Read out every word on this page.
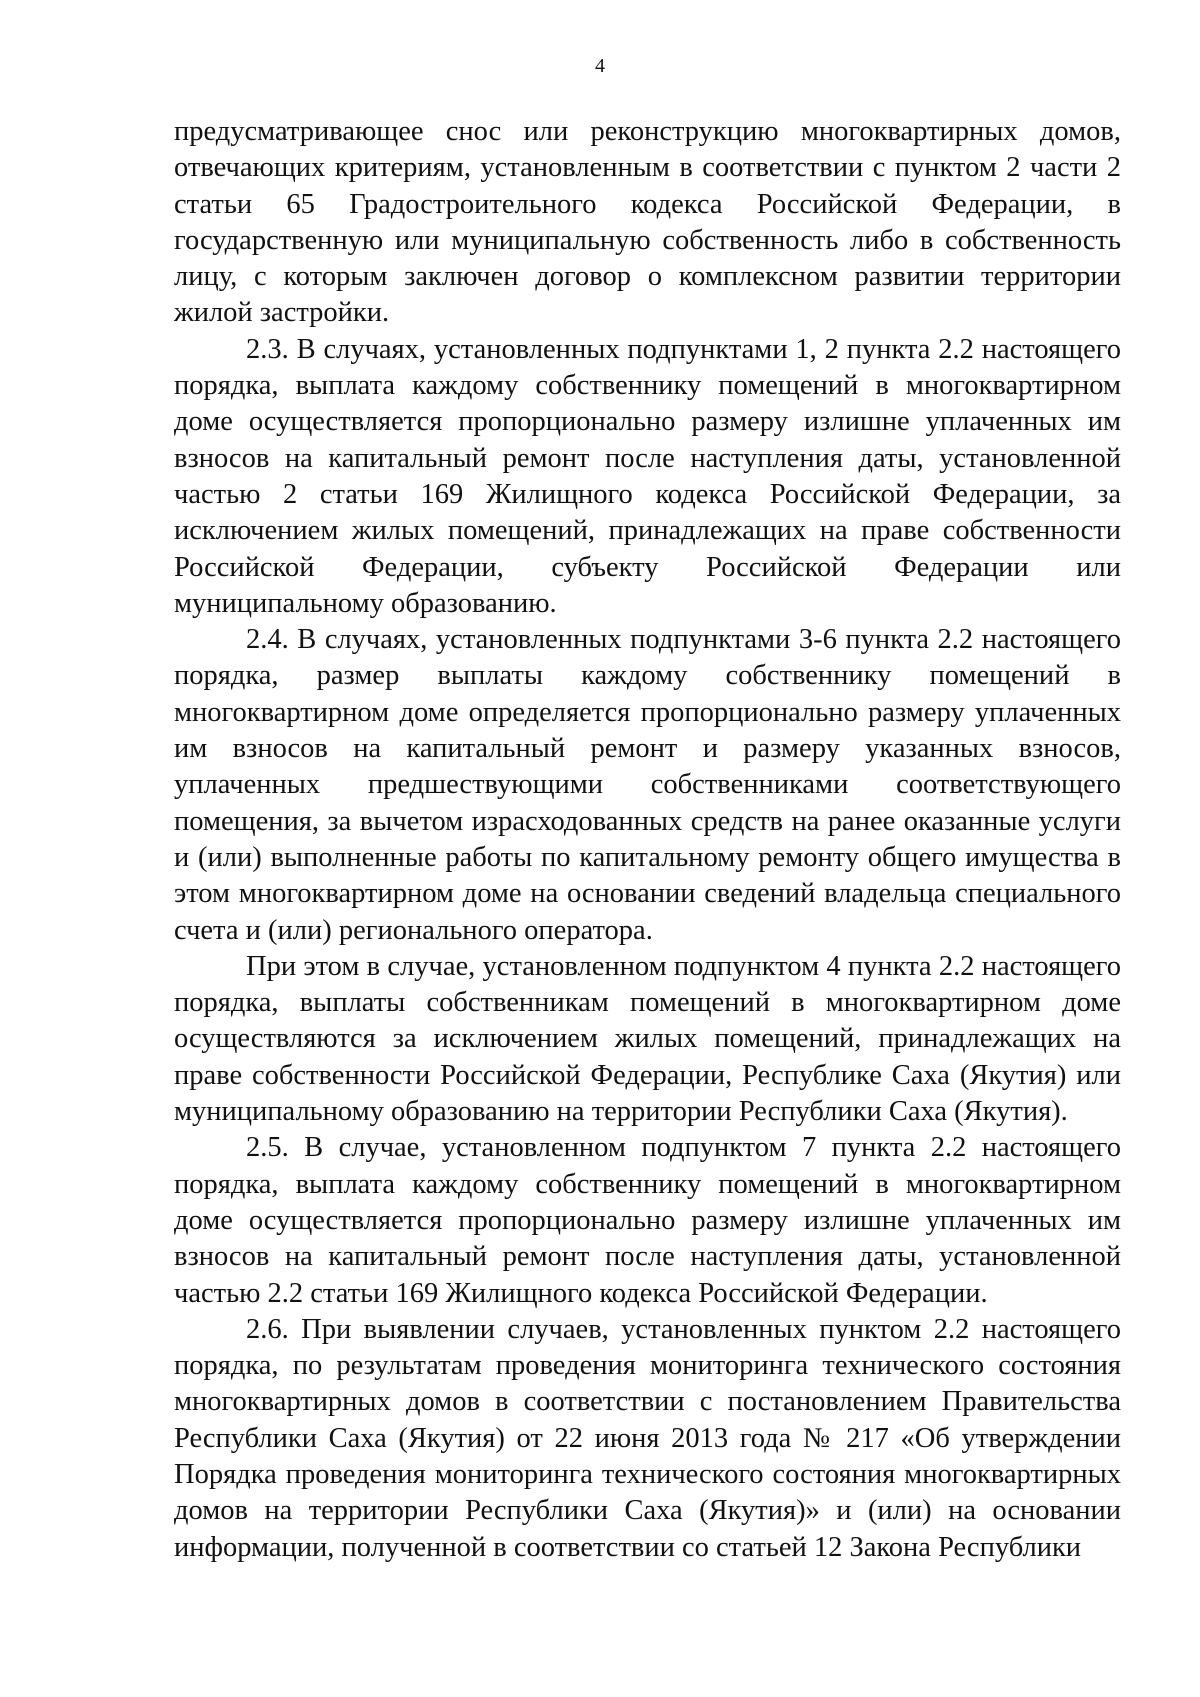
4

предусматривающее снос или реконструкцию многоквартирных домов, отвечающих критериям, установленным в соответствии с пунктом 2 части 2 статьи 65 Градостроительного кодекса Российской Федерации, в государственную или муниципальную собственность либо в собственность лицу, с которым заключен договор о комплексном развитии территории жилой застройки.

2.3. В случаях, установленных подпунктами 1, 2 пункта 2.2 настоящего порядка, выплата каждому собственнику помещений в многоквартирном доме осуществляется пропорционально размеру излишне уплаченных им взносов на капитальный ремонт после наступления даты, установленной частью 2 статьи 169 Жилищного кодекса Российской Федерации, за исключением жилых помещений, принадлежащих на праве собственности Российской Федерации, субъекту Российской Федерации или муниципальному образованию.

2.4. В случаях, установленных подпунктами 3-6 пункта 2.2 настоящего порядка, размер выплаты каждому собственнику помещений в многоквартирном доме определяется пропорционально размеру уплаченных им взносов на капитальный ремонт и размеру указанных взносов, уплаченных предшествующими собственниками соответствующего помещения, за вычетом израсходованных средств на ранее оказанные услуги и (или) выполненные работы по капитальному ремонту общего имущества в этом многоквартирном доме на основании сведений владельца специального счета и (или) регионального оператора.

При этом в случае, установленном подпунктом 4 пункта 2.2 настоящего порядка, выплаты собственникам помещений в многоквартирном доме осуществляются за исключением жилых помещений, принадлежащих на праве собственности Российской Федерации, Республике Саха (Якутия) или муниципальному образованию на территории Республики Саха (Якутия).

2.5. В случае, установленном подпунктом 7 пункта 2.2 настоящего порядка, выплата каждому собственнику помещений в многоквартирном доме осуществляется пропорционально размеру излишне уплаченных им взносов на капитальный ремонт после наступления даты, установленной частью 2.2 статьи 169 Жилищного кодекса Российской Федерации.

2.6. При выявлении случаев, установленных пунктом 2.2 настоящего порядка, по результатам проведения мониторинга технического состояния многоквартирных домов в соответствии с постановлением Правительства Республики Саха (Якутия) от 22 июня 2013 года № 217 «Об утверждении Порядка проведения мониторинга технического состояния многоквартирных домов на территории Республики Саха (Якутия)» и (или) на основании информации, полученной в соответствии со статьей 12 Закона Республики
